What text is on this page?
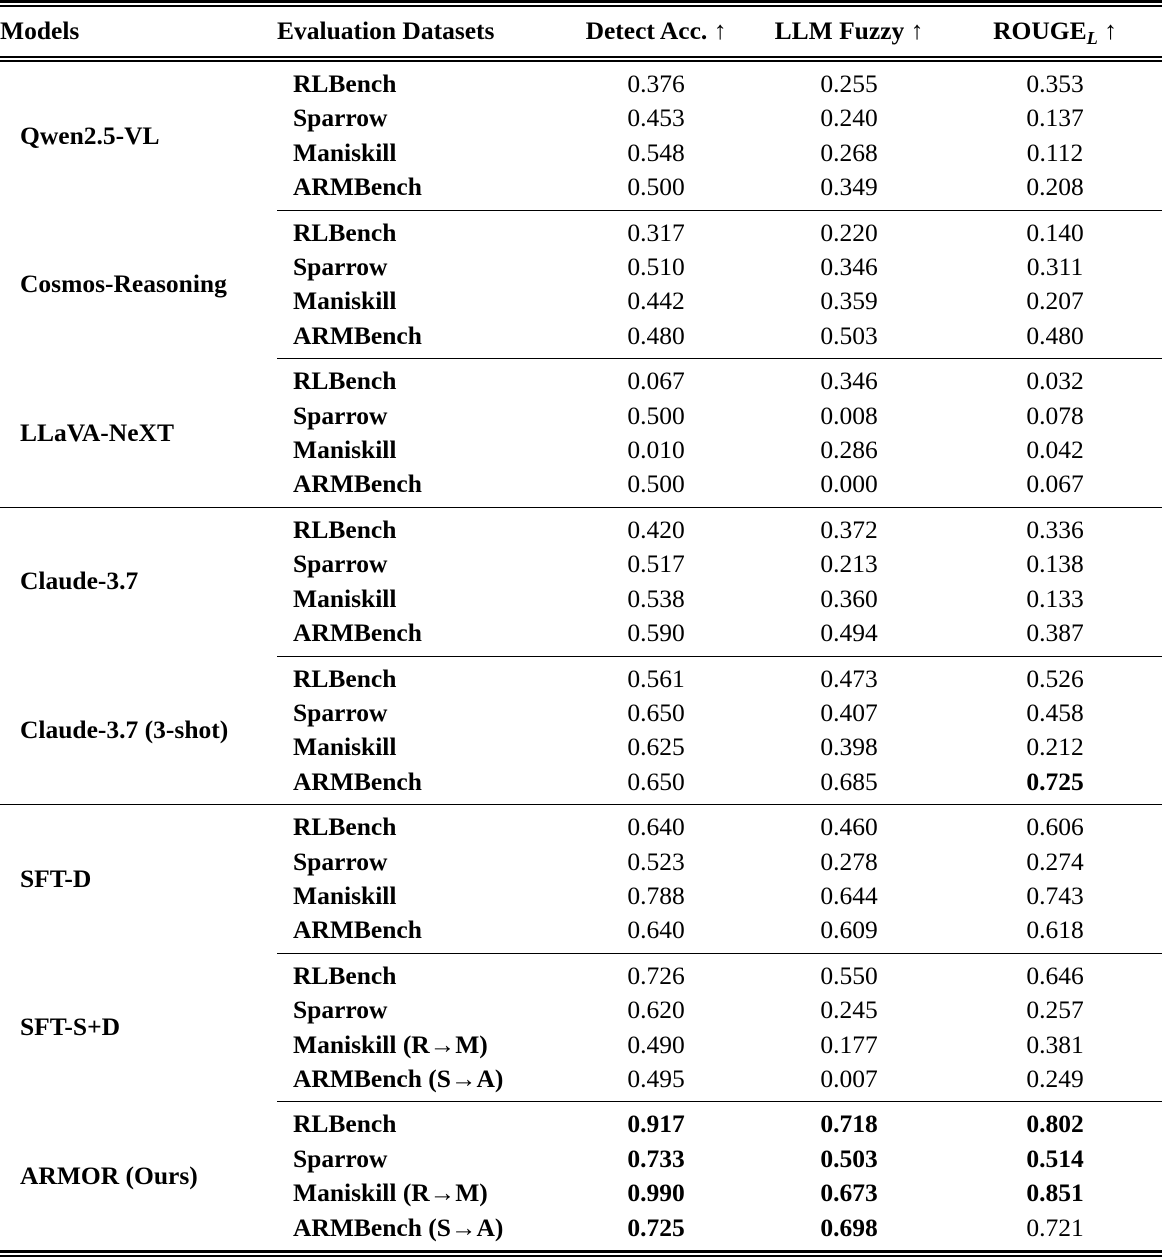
Models	Evaluation Datasets	Detect Acc. ↑	LLM Fuzzy ↑	$ROUGE_L$ ↑

Qwen2.5-VL	RLBench	0.376	0.255	0.353
	Sparrow	0.453	0.240	0.137
	Maniskill	0.548	0.268	0.112
	ARMBench	0.500	0.349	0.208

Cosmos-Reasoning	RLBench	0.317	0.220	0.140
	Sparrow	0.510	0.346	0.311
	Maniskill	0.442	0.359	0.207
	ARMBench	0.480	0.503	0.480

LLaVA-NeXT	RLBench	0.067	0.346	0.032
	Sparrow	0.500	0.008	0.078
	Maniskill	0.010	0.286	0.042
	ARMBench	0.500	0.000	0.067

Claude-3.7	RLBench	0.420	0.372	0.336
	Sparrow	0.517	0.213	0.138
	Maniskill	0.538	0.360	0.133
	ARMBench	0.590	0.494	0.387

Claude-3.7 (3-shot)	RLBench	0.561	0.473	0.526
	Sparrow	0.650	0.407	0.458
	Maniskill	0.625	0.398	0.212
	ARMBench	0.650	0.685	0.725

SFT-D	RLBench	0.640	0.460	0.606
	Sparrow	0.523	0.278	0.274
	Maniskill	0.788	0.644	0.743
	ARMBench	0.640	0.609	0.618

SFT-S+D	RLBench	0.726	0.550	0.646
	Sparrow	0.620	0.245	0.257
	Maniskill (R→M)	0.490	0.177	0.381
	ARMBench (S→A)	0.495	0.007	0.249

ARMOR (Ours)	RLBench	0.917	0.718	0.802
	Sparrow	0.733	0.503	0.514
	Maniskill (R→M)	0.990	0.673	0.851
	ARMBench (S→A)	0.725	0.698	0.721
